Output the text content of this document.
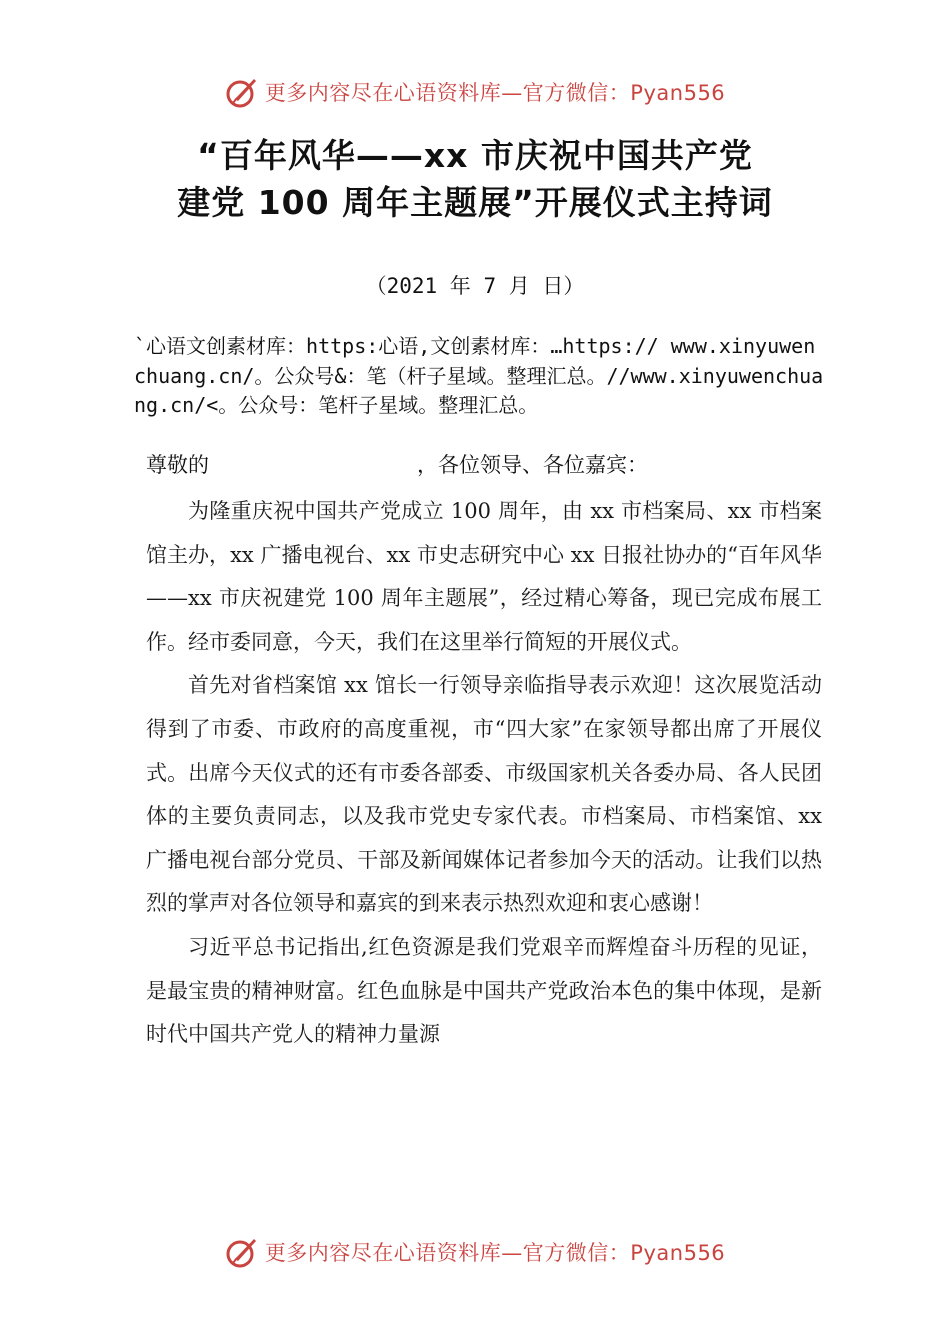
更多内容尽在心语资料库—官方微信：Pyan556
“百年风华——xx 市庆祝中国共产党
建党 100 周年主题展”开展仪式主持词
（2021 年 7 月 日）
`心语文创素材库：https:心语,文创素材库：…https:// www.xinyuwenchuang.cn/。公众号&：笔（杆子星域。整理汇总。//www.xinyuwenchuang.cn/<。公众号：笔杆子星域。整理汇总。
尊敬的	，各位领导、各位嘉宾：

为隆重庆祝中国共产党成立 100 周年，由 xx 市档案局、xx 市档案馆主办，xx 广播电视台、xx 市史志研究中心 xx 日报社协办的“百年风华——xx 市庆祝建党 100 周年主题展”，经过精心筹备，现已完成布展工作。经市委同意，今天，我们在这里举行简短的开展仪式。

首先对省档案馆 xx 馆长一行领导亲临指导表示欢迎！这次展览活动得到了市委、市政府的高度重视，市“四大家”在家领导都出席了开展仪式。出席今天仪式的还有市委各部委、市级国家机关各委办局、各人民团体的主要负责同志，以及我市党史专家代表。市档案局、市档案馆、xx 广播电视台部分党员、干部及新闻媒体记者参加今天的活动。让我们以热烈的掌声对各位领导和嘉宾的到来表示热烈欢迎和衷心感谢！

习近平总书记指出,红色资源是我们党艰辛而辉煌奋斗历程的见证，是最宝贵的精神财富。红色血脉是中国共产党政治本色的集中体现，是新时代中国共产党人的精神力量源

更多内容尽在心语资料库—官方微信：Pyan556
